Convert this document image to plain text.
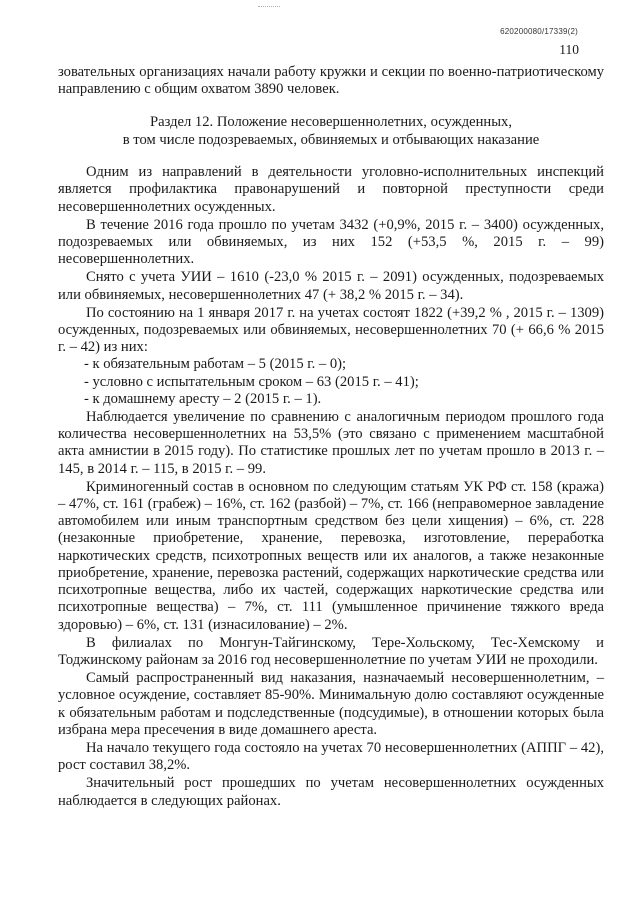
620200080/17339(2)
110

зовательных организациях начали работу кружки и секции по военно-патриотическому направлению с общим охватом 3890 человек.

Раздел 12. Положение несовершеннолетних, осужденных,
в том числе подозреваемых, обвиняемых и отбывающих наказание

Одним из направлений в деятельности уголовно-исполнительных инспекций является профилактика правонарушений и повторной преступности среди несовершеннолетних осужденных.

В течение 2016 года прошло по учетам 3432 (+0,9%, 2015 г. – 3400) осужденных, подозреваемых или обвиняемых, из них 152 (+53,5 %, 2015 г. – 99) несовершеннолетних.

Снято с учета УИИ – 1610 (-23,0 % 2015 г. – 2091) осужденных, подозреваемых или обвиняемых, несовершеннолетних 47 (+ 38,2 % 2015 г. – 34).

По состоянию на 1 января 2017 г. на учетах состоят 1822 (+39,2 % , 2015 г. – 1309) осужденных, подозреваемых или обвиняемых, несовершеннолетних 70 (+ 66,6 % 2015 г. – 42) из них:

- к обязательным работам – 5 (2015 г. – 0);

- условно с испытательным сроком – 63 (2015 г. – 41);

- к домашнему аресту – 2 (2015 г. – 1).

Наблюдается увеличение по сравнению с аналогичным периодом прошлого года количества несовершеннолетних на 53,5% (это связано с применением масштабной акта амнистии в 2015 году). По статистике прошлых лет по учетам прошло в 2013 г. – 145, в 2014 г. – 115, в 2015 г. – 99.

Криминогенный состав в основном по следующим статьям УК РФ ст. 158 (кража) – 47%, ст. 161 (грабеж) – 16%, ст. 162 (разбой) – 7%, ст. 166 (неправомерное завладение автомобилем или иным транспортным средством без цели хищения) – 6%, ст. 228 (незаконные приобретение, хранение, перевозка, изготовление, переработка наркотических средств, психотропных веществ или их аналогов, а также незаконные приобретение, хранение, перевозка растений, содержащих наркотические средства или психотропные вещества, либо их частей, содержащих наркотические средства или психотропные вещества) – 7%, ст. 111 (умышленное причинение тяжкого вреда здоровью) – 6%, ст. 131 (изнасилование) – 2%.

В филиалах по Монгун-Тайгинскому, Тере-Хольскому, Тес-Хемскому и Тоджинскому районам за 2016 год несовершеннолетние по учетам УИИ не проходили.

Самый распространенный вид наказания, назначаемый несовершеннолетним, – условное осуждение, составляет 85-90%. Минимальную долю составляют осужденные к обязательным работам и подследственные (подсудимые), в отношении которых была избрана мера пресечения в виде домашнего ареста.

На начало текущего года состояло на учетах 70 несовершеннолетних (АППГ – 42), рост составил 38,2%.

Значительный рост прошедших по учетам несовершеннолетних осужденных наблюдается в следующих районах.
